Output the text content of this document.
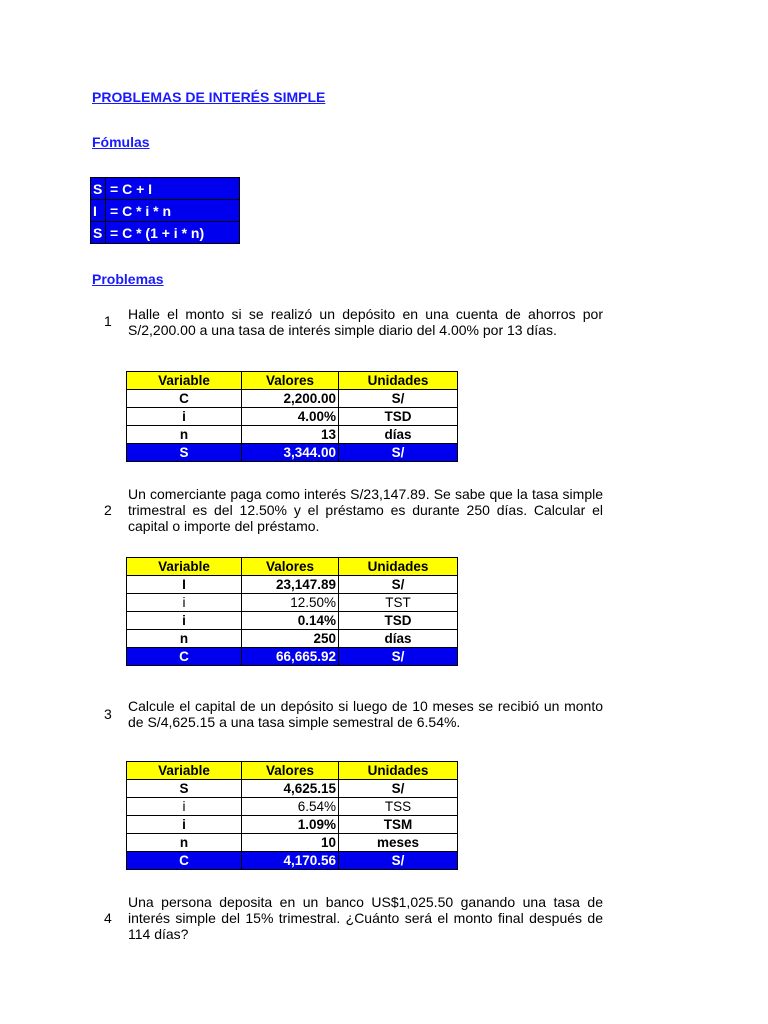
PROBLEMAS DE INTERÉS SIMPLE

Fómulas

S	= C + I
I	= C * i * n
S	= C * (1 + i * n)

Problemas

1 Halle el monto si se realizó un depósito en una cuenta de ahorros por S/2,200.00 a una tasa de interés simple diario del 4.00% por 13 días.

Variable	Valores	Unidades
C	2,200.00	S/
i	4.00%	TSD
n	13	días
S	3,344.00	S/
2

Un comerciante paga como interés S/23,147.89. Se sabe que la tasa simple trimestral es del 12.50% y el préstamo es durante 250 días. Calcular el capital o importe del préstamo.

Variable	Valores	Unidades
I	23,147.89	S/
i	12.50%	TST
i	0.14%	TSD
n	250	días
C	66,665.92	S/
3 Calcule el capital de un depósito si luego de 10 meses se recibió un monto de S/4,625.15 a una tasa simple semestral de 6.54%.

Variable	Valores	Unidades
S	4,625.15	S/
i	6.54%	TSS
i	1.09%	TSM
n	10	meses
C	4,170.56	S/
4

Una persona deposita en un banco US$1,025.50 ganando una tasa de interés simple del 15% trimestral. ¿Cuánto será el monto final después de 114 días?
